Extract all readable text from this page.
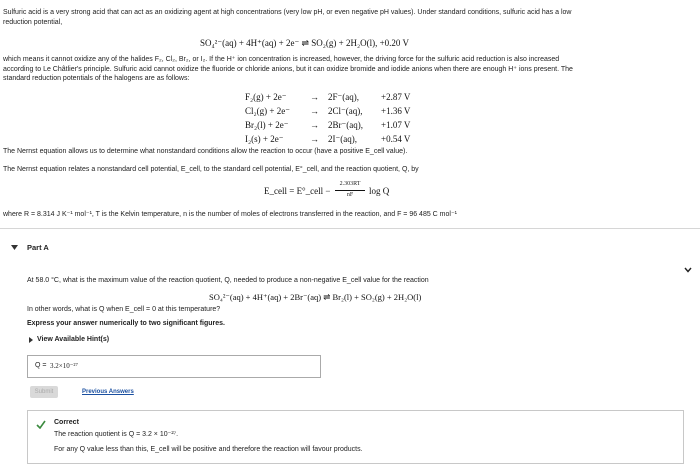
Sulfuric acid is a very strong acid that can act as an oxidizing agent at high concentrations (very low pH, or even negative pH values). Under standard conditions, sulfuric acid has a low
reduction potential,
SO₄²⁻(aq) + 4H⁺(aq) + 2e⁻ ⇌ SO₂(g) + 2H₂O(l), +0.20 V
which means it cannot oxidize any of the halides F₂, Cl₂, Br₂, or I₂. If the H⁺ ion concentration is increased, however, the driving force for the sulfuric acid reduction is also increased
according to Le Châtlier's principle. Sulfuric acid cannot oxidize the fluoride or chloride anions, but it can oxidize bromide and iodide anions when there are enough H⁺ ions present. The
standard reduction potentials of the halogens are as follows:
F₂(g) + 2e⁻	→ 2F⁻(aq), +2.87 V
Cl₂(g) + 2e⁻ → 2Cl⁻(aq), +1.36 V
Br₂(l) + 2e⁻ → 2Br⁻(aq), +1.07 V
I₂(s) + 2e⁻	→ 2I⁻(aq),	+0.54 V
The Nernst equation allows us to determine what nonstandard conditions allow the reaction to occur (have a positive E_cell value).
The Nernst equation relates a nonstandard cell potential, E_cell, to the standard cell potential, E°_cell, and the reaction quotient, Q, by
E_cell = E°_cell −
2.303RT
nF	log Q
where R = 8.314 J K⁻¹ mol⁻¹, T is the Kelvin temperature, n is the number of moles of electrons transferred in the reaction, and F = 96 485 C mol⁻¹
Part A
At 58.0 °C, what is the maximum value of the reaction quotient, Q, needed to produce a non-negative E_cell value for the reaction
SO₄²⁻(aq) + 4H⁺(aq) + 2Br⁻(aq) ⇌ Br₂(l) + SO₂(g) + 2H₂O(l)
In other words, what is Q when E_cell = 0 at this temperature?
Express your answer numerically to two significant figures.
View Available Hint(s)
Q = 3.2×10⁻²⁷
Submit	Previous Answers
Correct
The reaction quotient is Q = 3.2 × 10⁻²⁷.
For any Q value less than this, E_cell will be positive and therefore the reaction will favour products.
